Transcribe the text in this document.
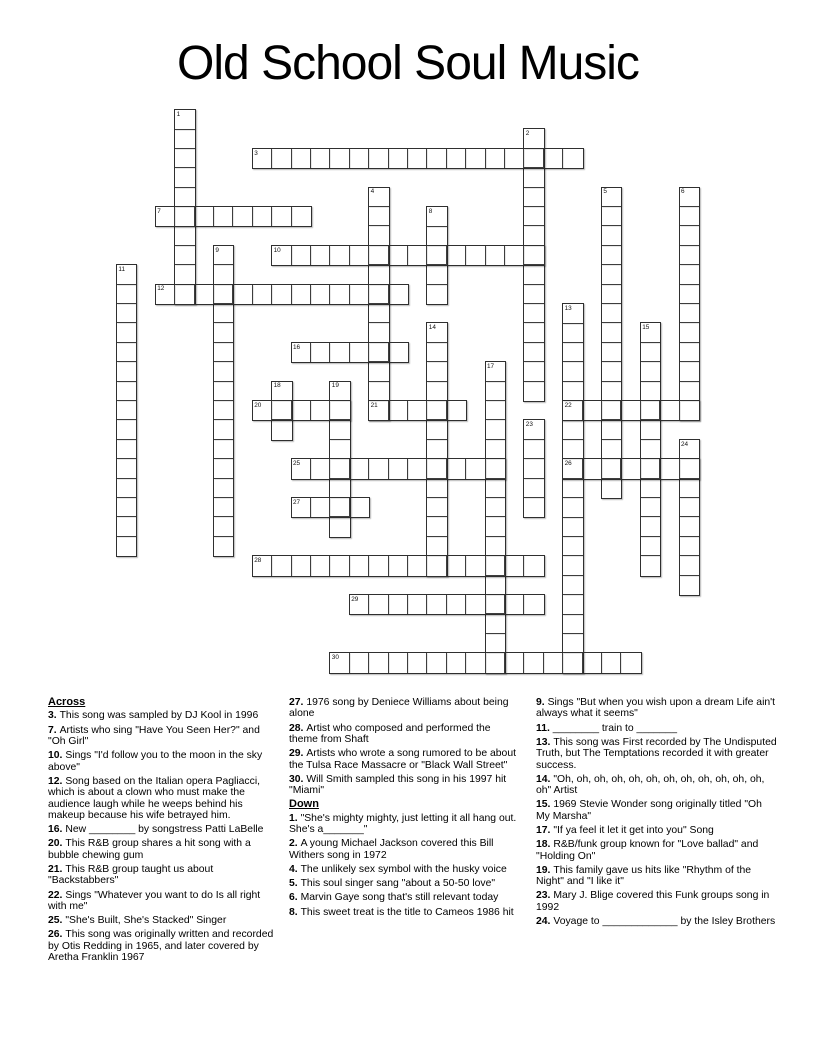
Old School Soul Music
1
2
3
4	5	6
7	8
9	10
11
12
13
14	15
16
17
18	19
20	21	22
23
24
25	26
27
28
29
30
Across

3. This song was sampled by DJ Kool in 1996

7. Artists who sing "Have You Seen Her?" and "Oh Girl"

10. Sings "I'd follow you to the moon in the sky above"

12. Song based on the Italian opera Pagliacci, which is about a clown who must make the audience laugh while he weeps behind his makeup because his wife betrayed him.

16. New ________ by songstress Patti LaBelle

20. This R&B group shares a hit song with a bubble chewing gum

21. This R&B group taught us about "Backstabbers"

22. Sings "Whatever you want to do Is all right with me"

25. "She's Built, She's Stacked" Singer

26. This song was originally written and recorded by Otis Redding in 1965, and later covered by Aretha Franklin 1967

27. 1976 song by Deniece Williams about being alone

28. Artist who composed and performed the theme from Shaft

29. Artists who wrote a song rumored to be about the Tulsa Race Massacre or "Black Wall Street"

30. Will Smith sampled this song in his 1997 hit "Miami"

Down

1. "She's mighty mighty, just letting it all hang out. She's a_______"

2. A young Michael Jackson covered this Bill Withers song in 1972

4. The unlikely sex symbol with the husky voice

5. This soul singer sang "about a 50-50 love"

6. Marvin Gaye song that's still relevant today

8. This sweet treat is the title to Cameos 1986 hit

9. Sings "But when you wish upon a dream Life ain't always what it seems"

11. ________ train to _______

13. This song was First recorded by The Undisputed Truth, but The Temptations recorded it with greater success.

14. "Oh, oh, oh, oh, oh, oh, oh, oh, oh, oh, oh, oh, oh" Artist

15. 1969 Stevie Wonder song originally titled "Oh My Marsha"

17. "If ya feel it let it get into you" Song

18. R&B/funk group known for "Love ballad" and "Holding On"

19. This family gave us hits like "Rhythm of the Night" and "I like it"

23. Mary J. Blige covered this Funk groups song in 1992

24. Voyage to _____________ by the Isley Brothers
